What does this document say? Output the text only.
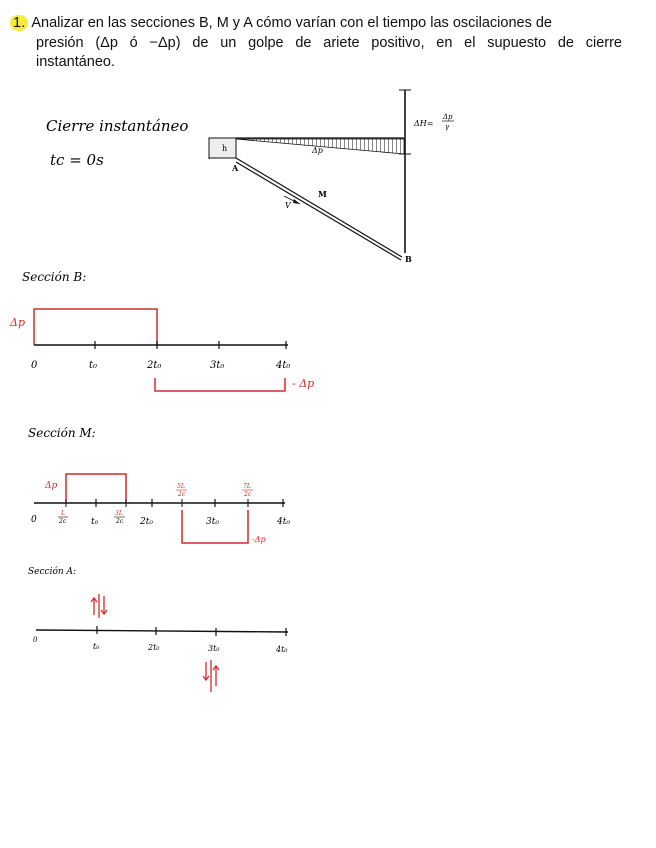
1. Analizar en las secciones B, M y A cómo varían con el tiempo las oscilaciones de
presión (Δp ó −Δp) de un golpe de ariete positivo, en el supuesto de cierre
instantáneo.
Cierre instantáneo
tc = 0s
h	Δp
ΔH=
Δp
γ
A
M
B
V
Sección B:
Δp
0	t₀	2t₀	3t₀	4t₀
- Δp
Sección M:
Δp
-Δp
0	t₀	2t₀	3t₀	4t₀
L
2c
3L
2c
5L
2c
7L
2c
Sección A:
0
t₀	2t₀	3t₀	4t₀
